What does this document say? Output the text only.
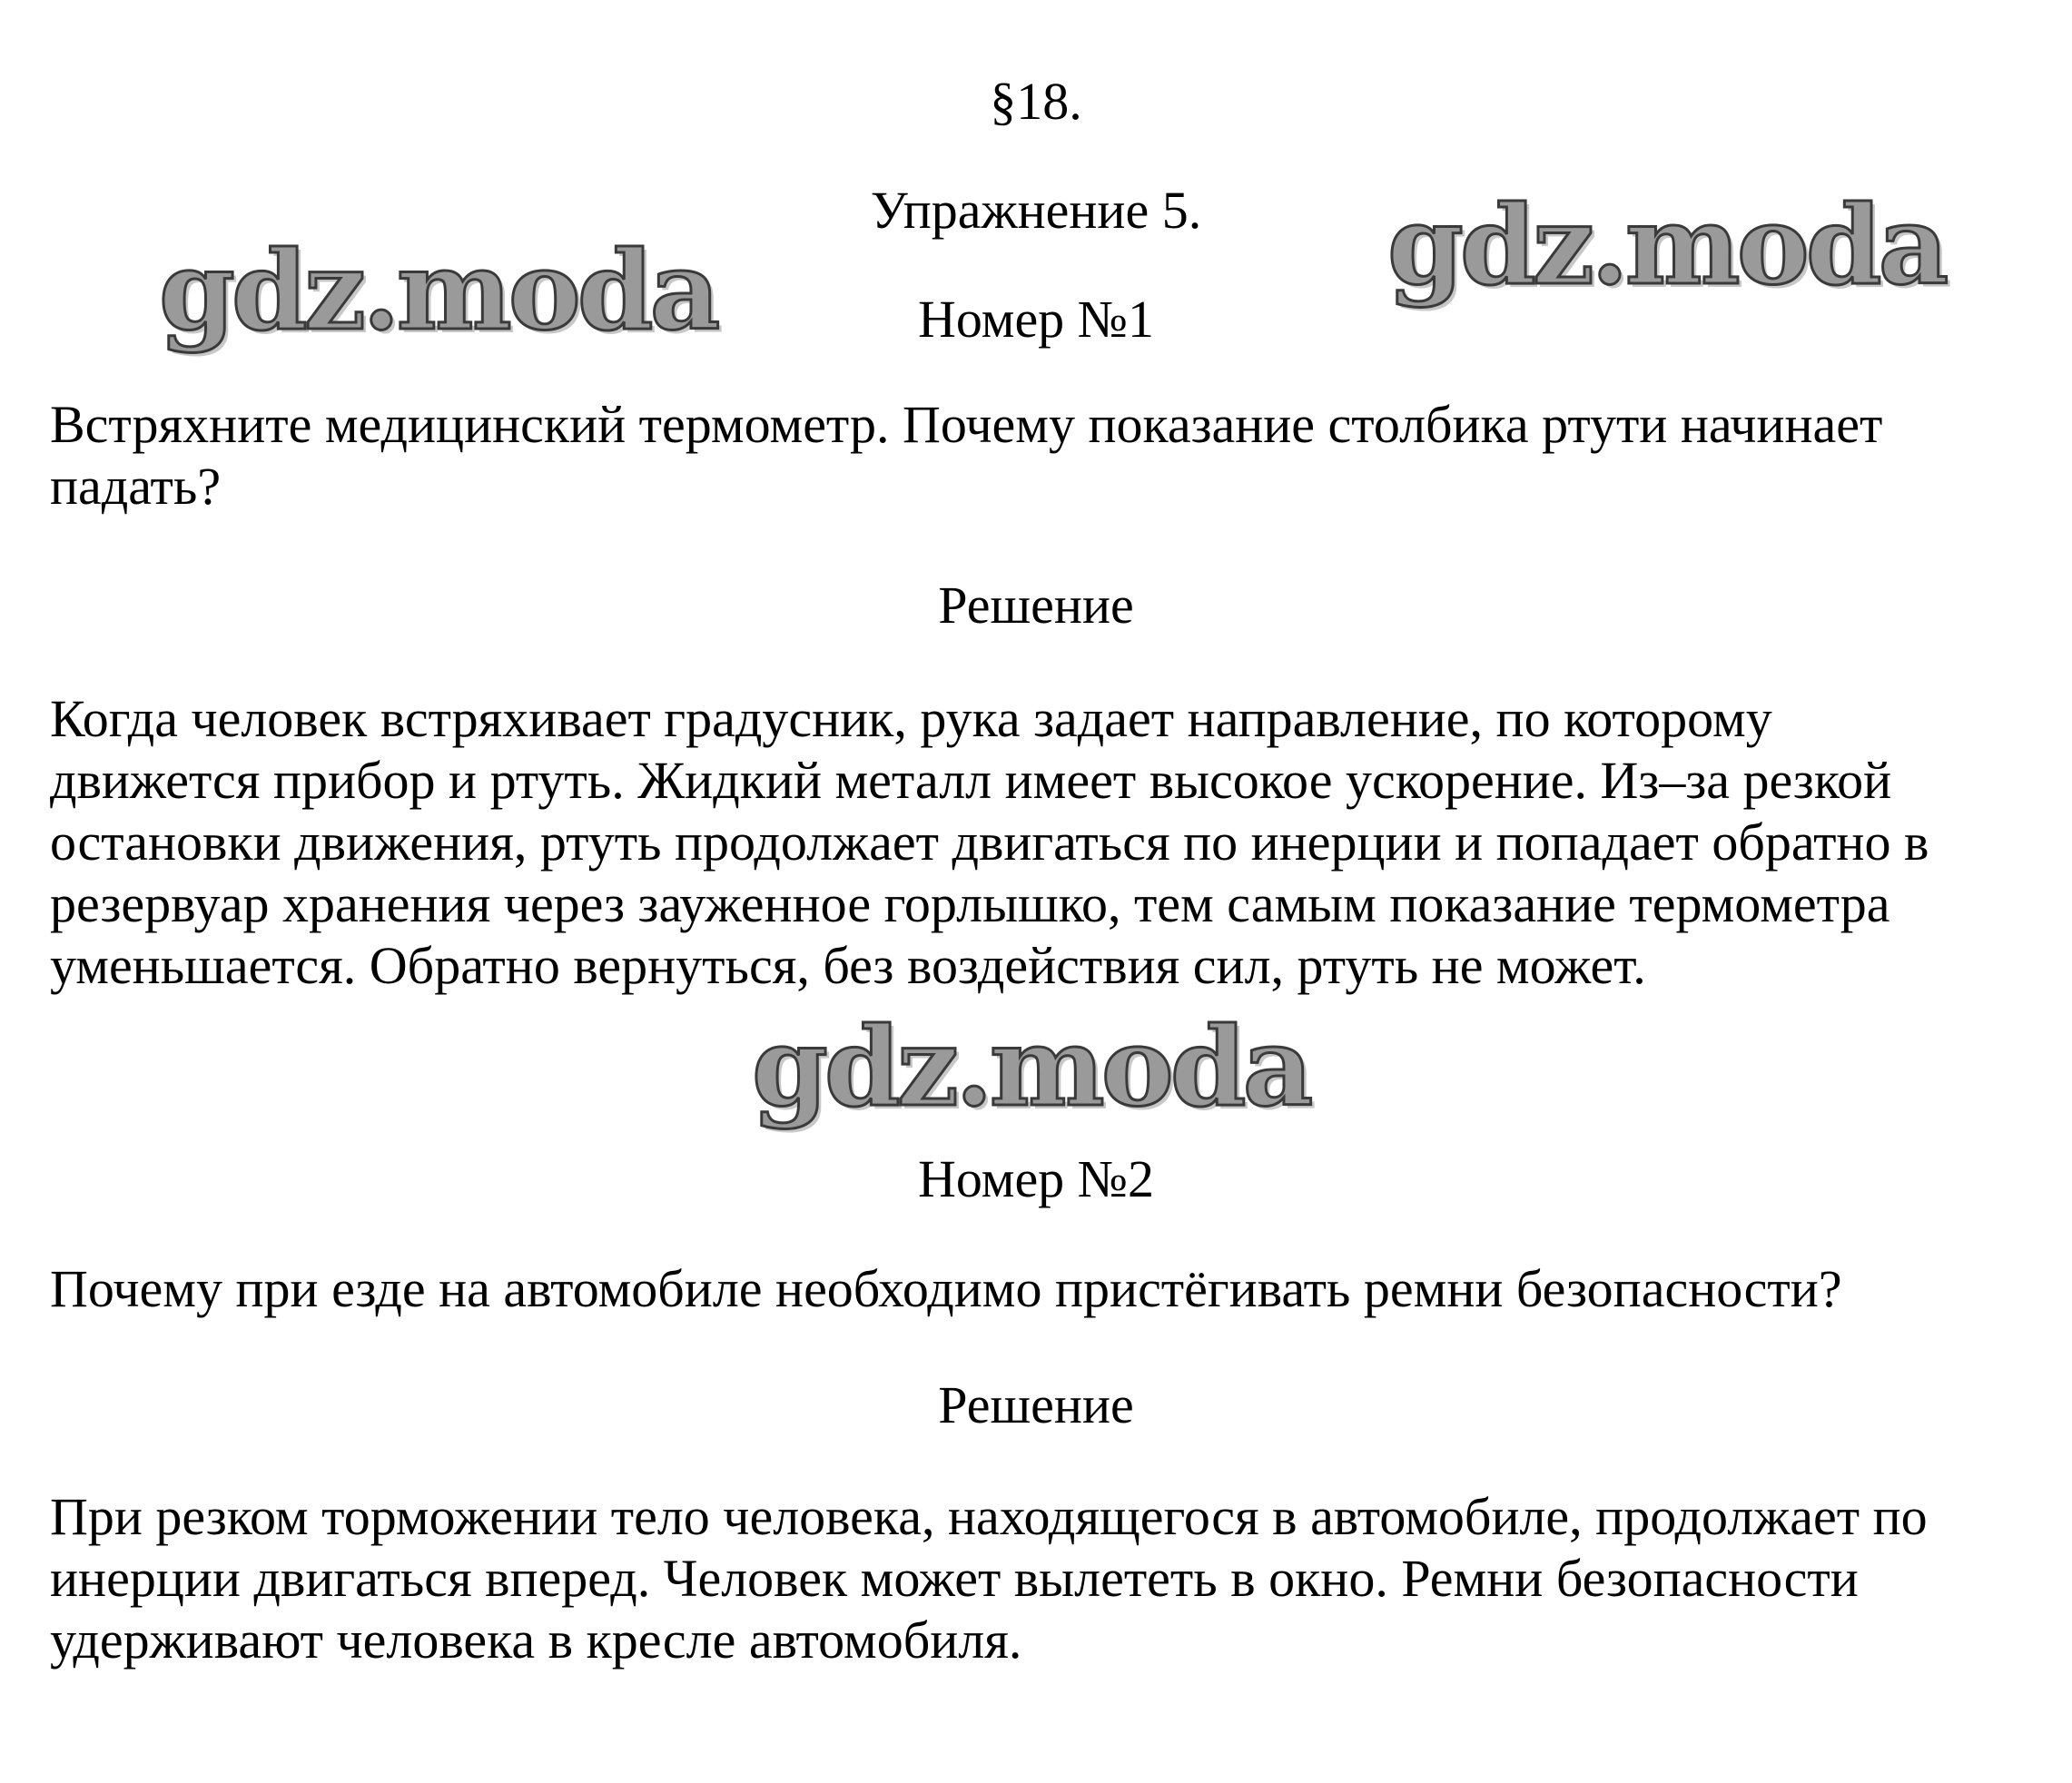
§18.
Упражнение 5.
gdz.moda	gdz.moda
gdz.moda
Номер №1
Встряхните медицинский термометр. Почему показание столбика ртути начинает
падать?
Решение
Когда человек встряхивает градусник, рука задает направление, по которому
движется прибор и ртуть. Жидкий металл имеет высокое ускорение. Из–за резкой
остановки движения, ртуть продолжает двигаться по инерции и попадает обратно в
резервуар хранения через зауженное горлышко, тем самым показание термометра
уменьшается. Обратно вернуться, без воздействия сил, ртуть не может.
Номер №2
Почему при езде на автомобиле необходимо пристёгивать ремни безопасности?
Решение
При резком торможении тело человека, находящегося в автомобиле, продолжает по
инерции двигаться вперед. Человек может вылететь в окно. Ремни безопасности
удерживают человека в кресле автомобиля.
